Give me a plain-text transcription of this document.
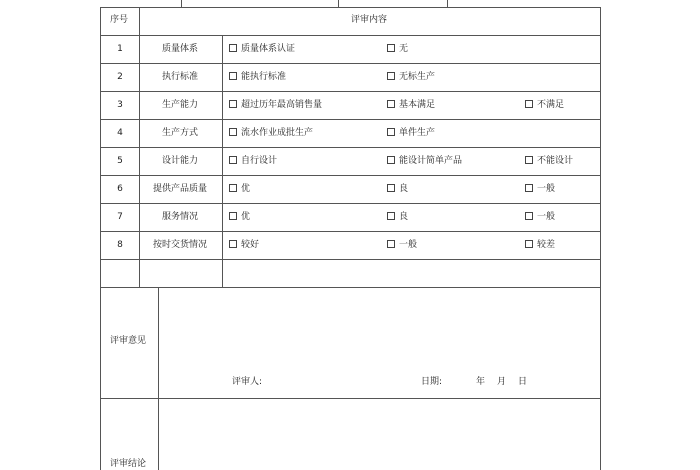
序号	评审内容
1	质量体系	质量体系认证	无
2	执行标准	能执行标准	无标生产
3	生产能力	超过历年最高销售量	基本满足	不满足
4	生产方式	流水作业成批生产	单件生产
5	设计能力	自行设计	能设计简单产品	不能设计
6	提供产品质量	优	良	一般
7	服务情况	优	良	一般
8	按时交货情况	较好	一般	较差
评审意见
评审人:	日期:	年 月 日
评审结论
